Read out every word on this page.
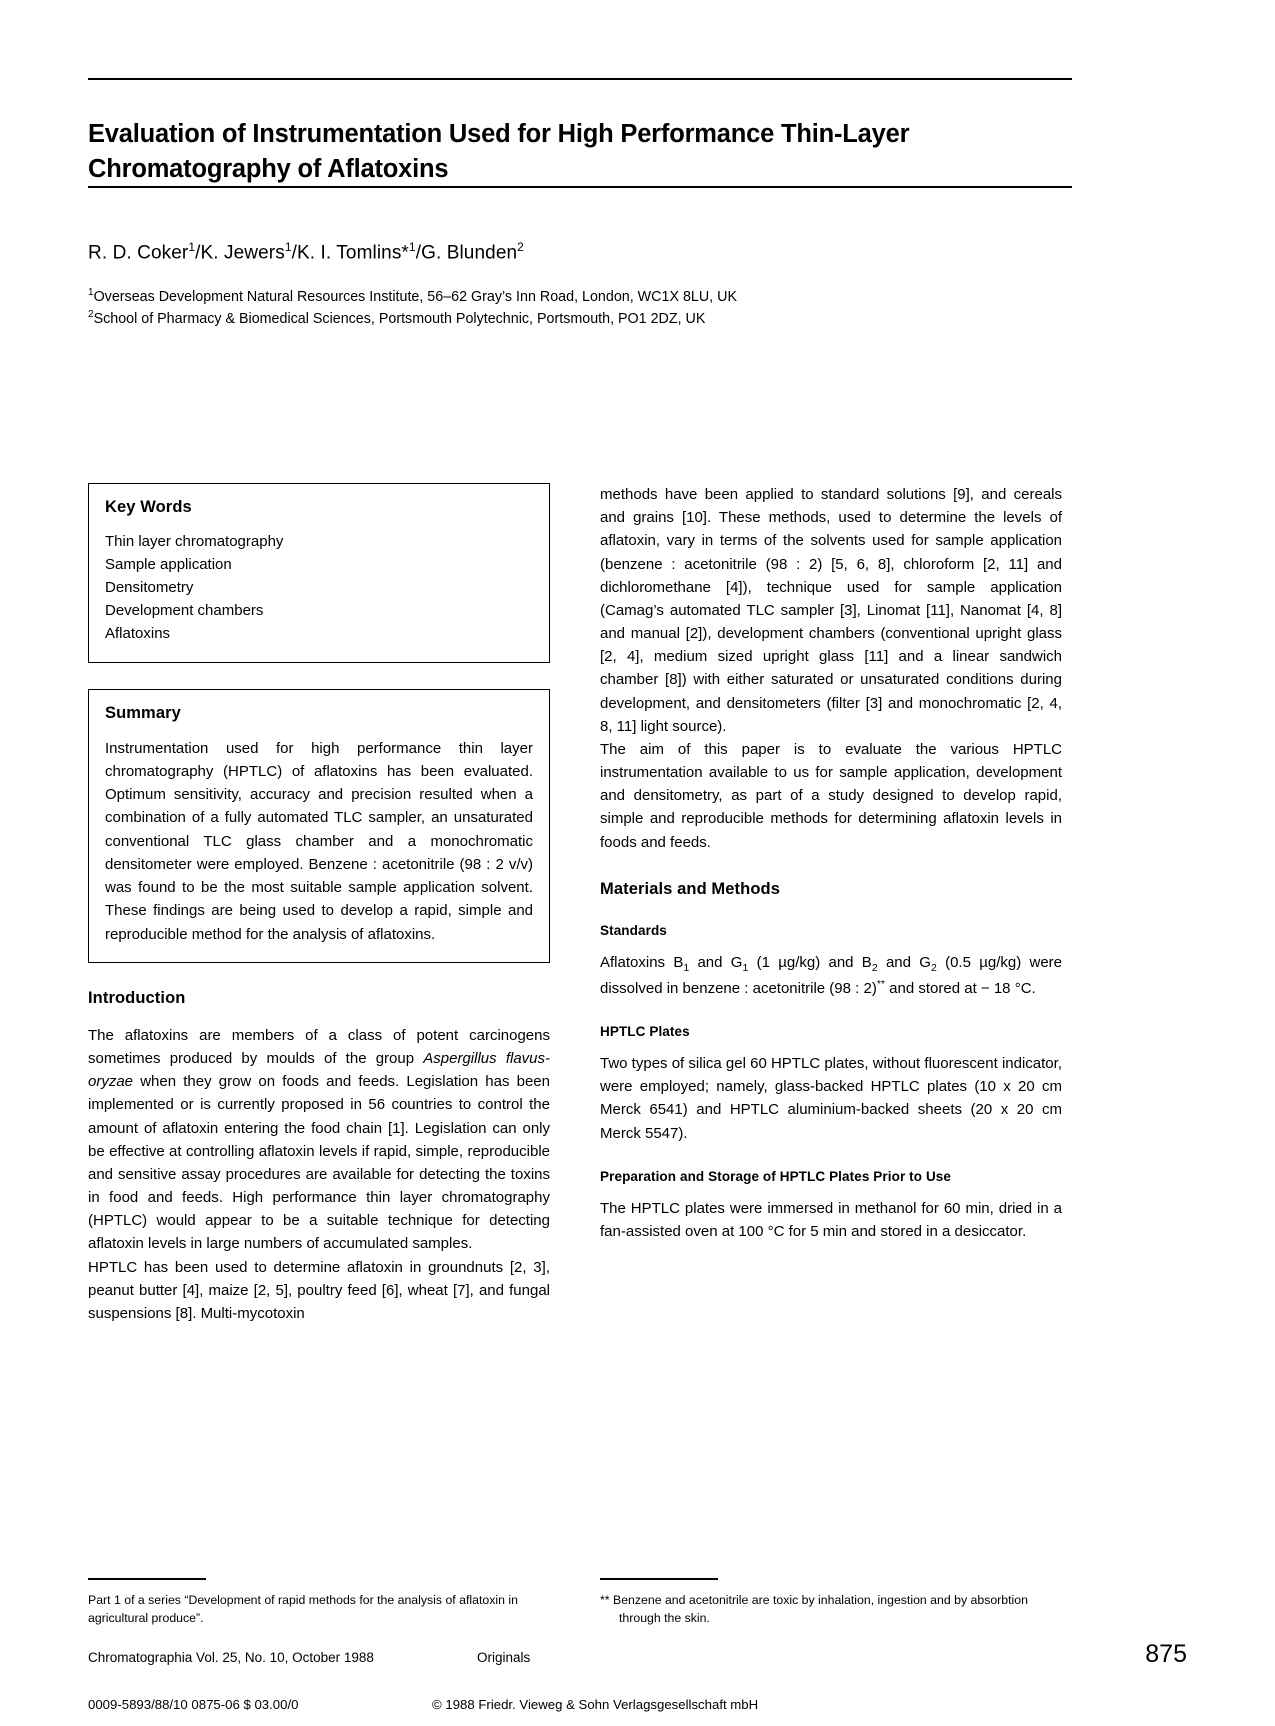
Evaluation of Instrumentation Used for High Performance Thin-Layer Chromatography of Aflatoxins
R. D. Coker$^1$/K. Jewers$^1$/K. I. Tomlins*$^1$/G. Blunden$^2$
$^1$Overseas Development Natural Resources Institute, 56–62 Gray’s Inn Road, London, WC1X 8LU, UK
$^2$School of Pharmacy & Biomedical Sciences, Portsmouth Polytechnic, Portsmouth, PO1 2DZ, UK
Key Words
Thin layer chromatography
Sample application
Densitometry
Development chambers
Aflatoxins
Summary

Instrumentation used for high performance thin layer chromatography (HPTLC) of aflatoxins has been evaluated. Optimum sensitivity, accuracy and precision resulted when a combination of a fully automated TLC sampler, an unsaturated conventional TLC glass chamber and a monochromatic densitometer were employed. Benzene : acetonitrile (98 : 2 v/v) was found to be the most suitable sample application solvent. These findings are being used to develop a rapid, simple and reproducible method for the analysis of aflatoxins.

Introduction

The aflatoxins are members of a class of potent carcinogens sometimes produced by moulds of the group Aspergillus flavus-oryzae when they grow on foods and feeds. Legislation has been implemented or is currently proposed in 56 countries to control the amount of aflatoxin entering the food chain [1]. Legislation can only be effective at controlling aflatoxin levels if rapid, simple, reproducible and sensitive assay procedures are available for detecting the toxins in food and feeds. High performance thin layer chromatography (HPTLC) would appear to be a suitable technique for detecting aflatoxin levels in large numbers of accumulated samples.

HPTLC has been used to determine aflatoxin in groundnuts [2, 3], peanut butter [4], maize [2, 5], poultry feed [6], wheat [7], and fungal suspensions [8]. Multi-mycotoxin

methods have been applied to standard solutions [9], and cereals and grains [10]. These methods, used to determine the levels of aflatoxin, vary in terms of the solvents used for sample application (benzene : acetonitrile (98 : 2) [5, 6, 8], chloroform [2, 11] and dichloromethane [4]), technique used for sample application (Camag’s automated TLC sampler [3], Linomat [11], Nanomat [4, 8] and manual [2]), development chambers (conventional upright glass [2, 4], medium sized upright glass [11] and a linear sandwich chamber [8]) with either saturated or unsaturated conditions during development, and densitometers (filter [3] and monochromatic [2, 4, 8, 11] light source).

The aim of this paper is to evaluate the various HPTLC instrumentation available to us for sample application, development and densitometry, as part of a study designed to develop rapid, simple and reproducible methods for determining aflatoxin levels in foods and feeds.

Materials and Methods
Standards

Aflatoxins $B_1$ and $G_1$ (1 µg/kg) and $B_2$ and $G_2$ (0.5 µg/kg) were dissolved in benzene : acetonitrile (98 : 2)** and stored at − 18 °C.

HPTLC Plates

Two types of silica gel 60 HPTLC plates, without fluorescent indicator, were employed; namely, glass-backed HPTLC plates (10 x 20 cm Merck 6541) and HPTLC aluminium-backed sheets (20 x 20 cm Merck 5547).

Preparation and Storage of HPTLC Plates Prior to Use

The HPTLC plates were immersed in methanol for 60 min, dried in a fan-assisted oven at 100 °C for 5 min and stored in a desiccator.

Part 1 of a series “Development of rapid methods for the analysis of aflatoxin in agricultural produce”.

** Benzene and acetonitrile are toxic by inhalation, ingestion and by absorbtion through the skin.

Chromatographia Vol. 25, No. 10, October 1988	Originals	875
0009-5893/88/10 0875-06 $ 03.00/0	© 1988 Friedr. Vieweg & Sohn Verlagsgesellschaft mbH
